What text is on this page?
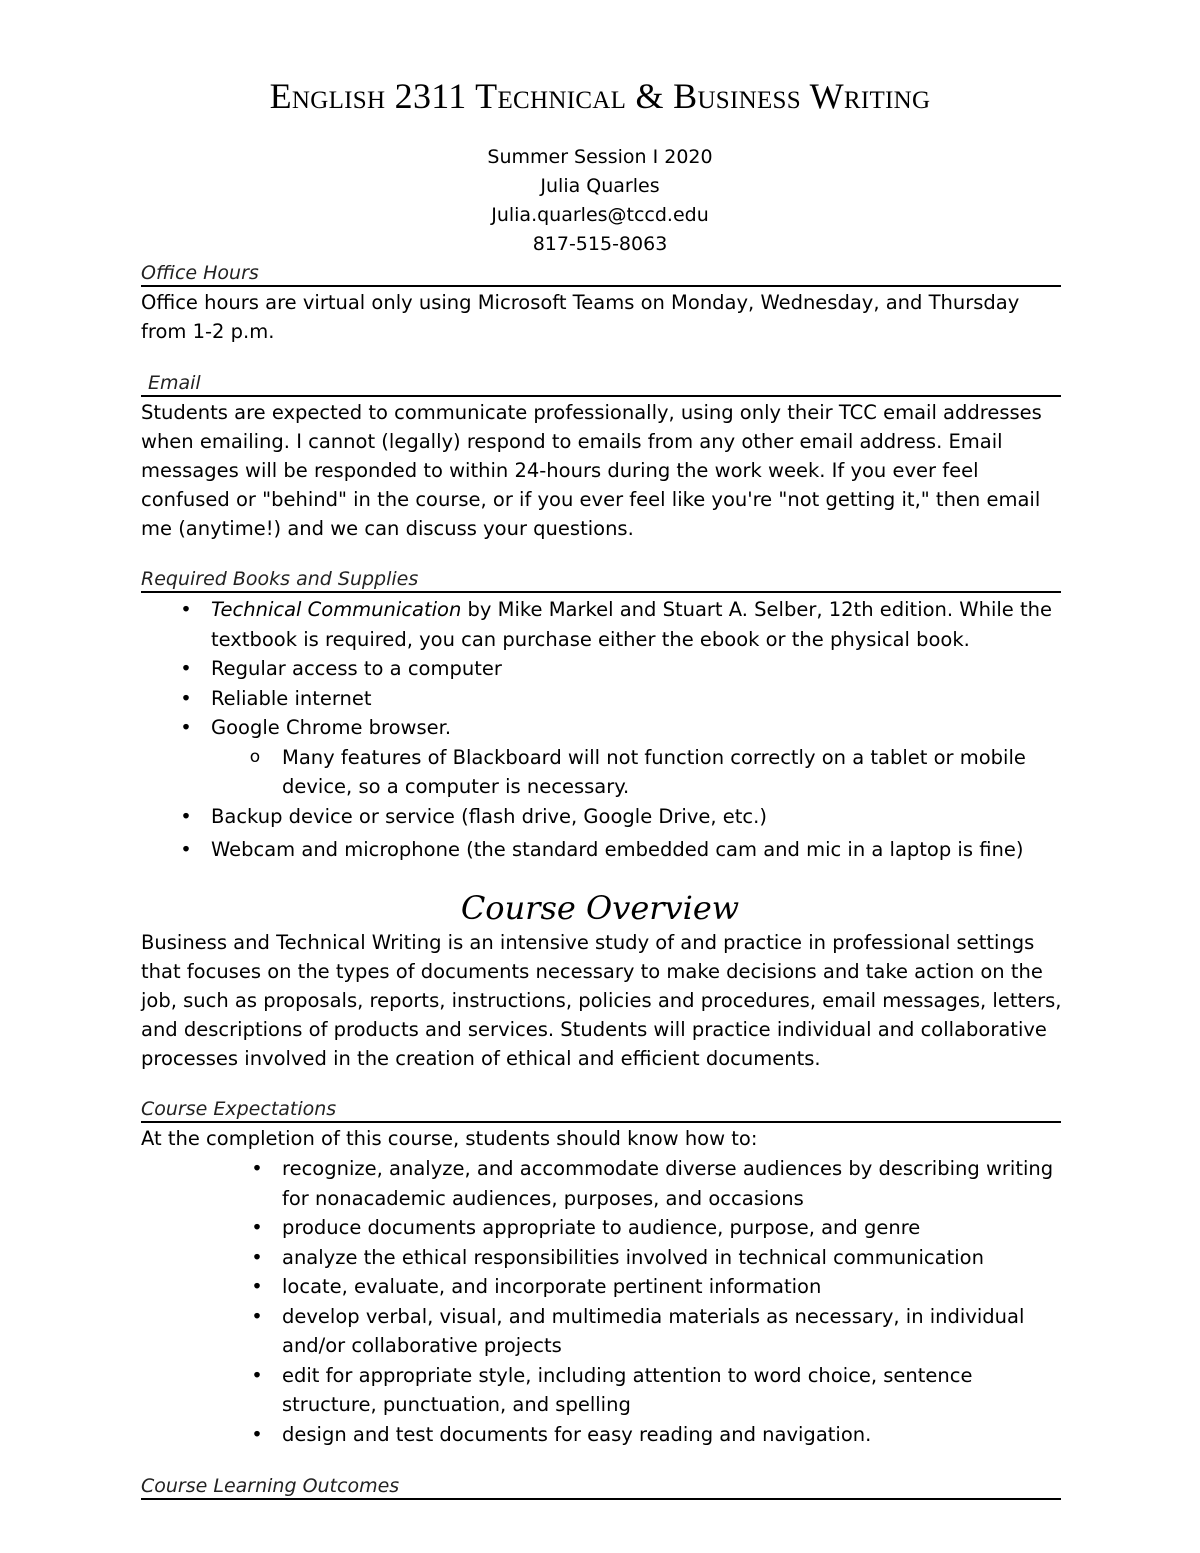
English 2311 Technical & Business Writing
Summer Session I 2020
Julia Quarles
Julia.quarles@tccd.edu
817-515-8063
Office Hours
Office hours are virtual only using Microsoft Teams on Monday, Wednesday, and Thursday from 1-2 p.m.
Email
Students are expected to communicate professionally, using only their TCC email addresses when emailing. I cannot (legally) respond to emails from any other email address. Email messages will be responded to within 24-hours during the work week. If you ever feel confused or "behind" in the course, or if you ever feel like you're "not getting it," then email me (anytime!) and we can discuss your questions.
Required Books and Supplies
• Technical Communication by Mike Markel and Stuart A. Selber, 12th edition. While the textbook is required, you can purchase either the ebook or the physical book.
• Regular access to a computer
• Reliable internet
• Google Chrome browser.
o Many features of Blackboard will not function correctly on a tablet or mobile device, so a computer is necessary.
• Backup device or service (flash drive, Google Drive, etc.)
• Webcam and microphone (the standard embedded cam and mic in a laptop is fine)
Course Overview
Business and Technical Writing is an intensive study of and practice in professional settings that focuses on the types of documents necessary to make decisions and take action on the job, such as proposals, reports, instructions, policies and procedures, email messages, letters, and descriptions of products and services. Students will practice individual and collaborative processes involved in the creation of ethical and efficient documents.
Course Expectations
At the completion of this course, students should know how to:
• recognize, analyze, and accommodate diverse audiences by describing writing for nonacademic audiences, purposes, and occasions
• produce documents appropriate to audience, purpose, and genre
• analyze the ethical responsibilities involved in technical communication
• locate, evaluate, and incorporate pertinent information
• develop verbal, visual, and multimedia materials as necessary, in individual and/or collaborative projects
• edit for appropriate style, including attention to word choice, sentence structure, punctuation, and spelling
• design and test documents for easy reading and navigation.
Course Learning Outcomes
